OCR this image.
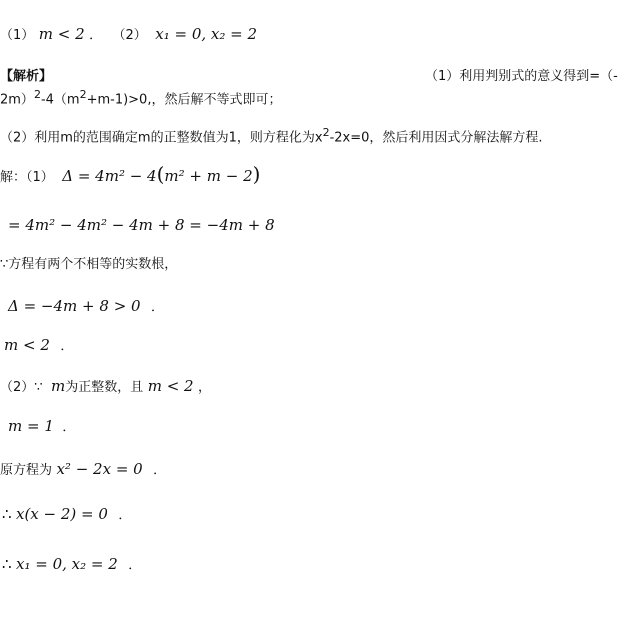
（1） m < 2 ． （2） x₁ = 0, x₂ = 2
【解析】	（1）利用判别式的意义得到=（-
$2m)^2-4(m^2+m-1)>0$,，然后解不等式即可；
（2）利用m的范围确定m的正整数值为1，则方程化为$x^2-2x=0$，然后利用因式分解法解方程.
解：（1） Δ = 4m² − 4(m² + m − 2)
= 4m² − 4m² − 4m + 8 = −4m + 8
∵方程有两个不相等的实数根，
Δ = −4m + 8 > 0 ．
m < 2 ．
（2）∵ m为正整数，且 m < 2 ，
m = 1 ．
原方程为 x² − 2x = 0 ．
∴ x(x − 2) = 0 ．
∴ x₁ = 0, x₂ = 2 ．
